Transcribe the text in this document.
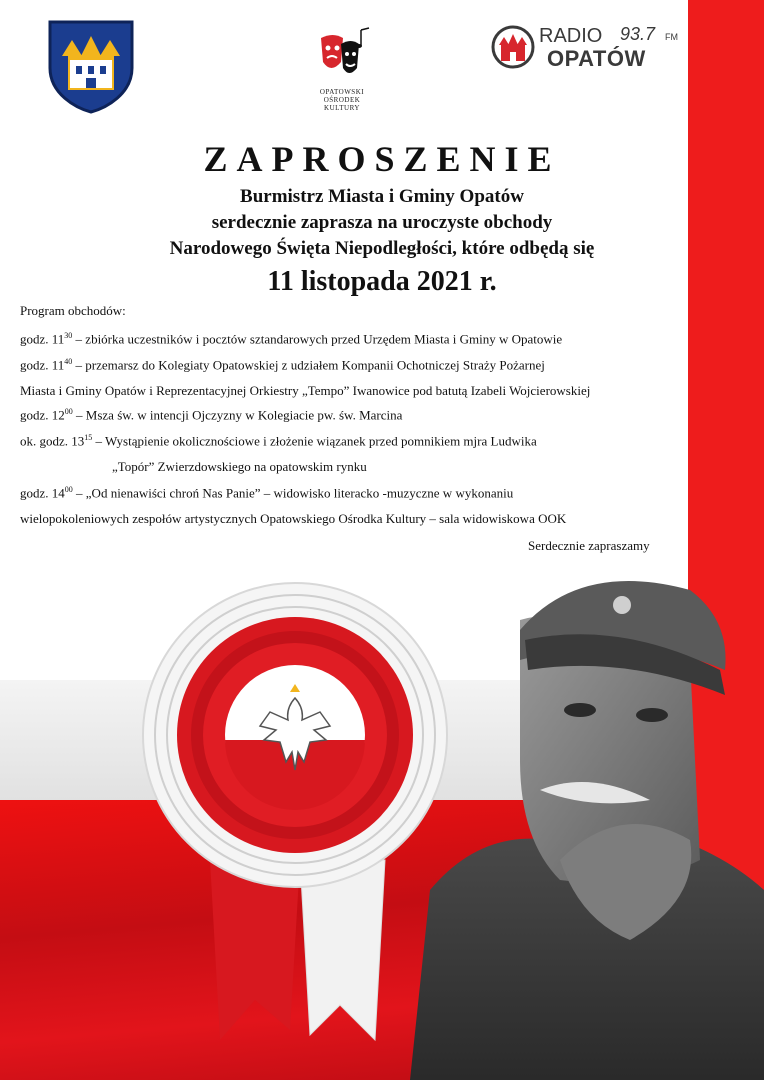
OPATOWSKI
OŚRODEK
KULTURY
RADIO 93.7 FM
OPATÓW
ZAPROSZENIE
Burmistrz Miasta i Gminy Opatów
serdecznie zaprasza na uroczyste obchody
Narodowego Święta Niepodległości, które odbędą się
11 listopada 2021 r.
Program obchodów:
godz. $11^{30}$ – zbiórka uczestników i pocztów sztandarowych przed Urzędem Miasta i Gminy w Opatowie
godz. $11^{40}$ – przemarsz do Kolegiaty Opatowskiej z udziałem Kompanii Ochotniczej Straży Pożarnej
Miasta i Gminy Opatów i Reprezentacyjnej Orkiestry „Tempo” Iwanowice pod batutą Izabeli Wojcierowskiej
godz. $12^{00}$ – Msza św. w intencji Ojczyzny w Kolegiacie pw. św. Marcina
ok. godz. $13^{15}$ – Wystąpienie okolicznościowe i złożenie wiązanek przed pomnikiem mjra Ludwika
„Topór” Zwierzdowskiego na opatowskim rynku
godz. $14^{00}$ – „Od nienawiści chroń Nas Panie” – widowisko literacko -muzyczne w wykonaniu
wielopokoleniowych zespołów artystycznych Opatowskiego Ośrodka Kultury – sala widowiskowa OOK
Serdecznie zapraszamy
